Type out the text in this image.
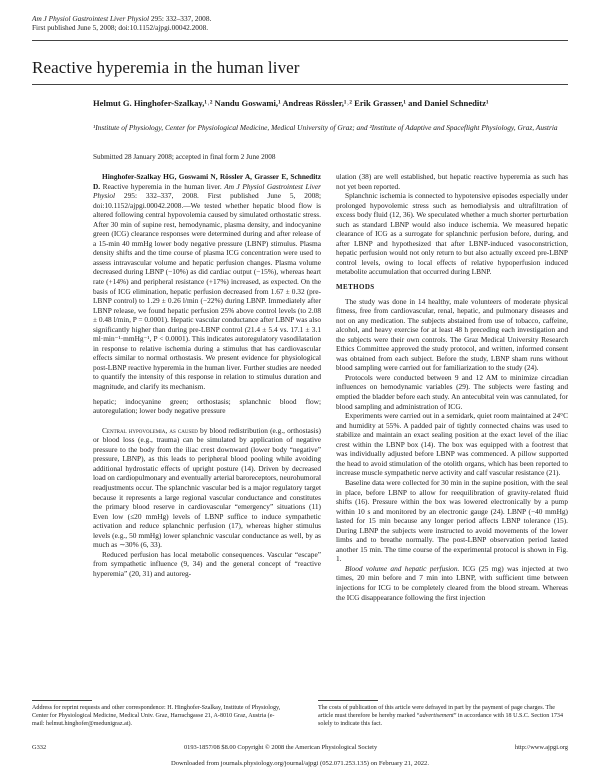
Am J Physiol Gastrointest Liver Physiol 295: 332–337, 2008.
First published June 5, 2008; doi:10.1152/ajpgi.00042.2008.
Reactive hyperemia in the human liver
Helmut G. Hinghofer-Szalkay,¹˒² Nandu Goswami,¹ Andreas Rössler,¹˒² Erik Grasser,¹ and Daniel Schneditz¹
¹Institute of Physiology, Center for Physiological Medicine, Medical University of Graz; and ²Institute of Adaptive and Spaceflight Physiology, Graz, Austria
Submitted 28 January 2008; accepted in final form 2 June 2008

Hinghofer-Szalkay HG, Goswami N, Rössler A, Grasser E, Schneditz D. Reactive hyperemia in the human liver. Am J Physiol Gastrointest Liver Physiol 295: 332–337, 2008. First published June 5, 2008; doi:10.1152/ajpgi.00042.2008.—We tested whether hepatic blood flow is altered following central hypovolemia caused by simulated orthostatic stress. After 30 min of supine rest, hemodynamic, plasma density, and indocyanine green (ICG) clearance responses were determined during and after release of a 15-min 40 mmHg lower body negative pressure (LBNP) stimulus. Plasma density shifts and the time course of plasma ICG concentration were used to assess intravascular volume and hepatic perfusion changes. Plasma volume decreased during LBNP (−10%) as did cardiac output (−15%), whereas heart rate (+14%) and peripheral resistance (+17%) increased, as expected. On the basis of ICG elimination, hepatic perfusion decreased from 1.67 ± 0.32 (pre-LBNP control) to 1.29 ± 0.26 l/min (−22%) during LBNP. Immediately after LBNP release, we found hepatic perfusion 25% above control levels (to 2.08 ± 0.48 l/min, P = 0.0001). Hepatic vascular conductance after LBNP was also significantly higher than during pre-LBNP control (21.4 ± 5.4 vs. 17.1 ± 3.1 ml·min⁻¹·mmHg⁻¹, P < 0.0001). This indicates autoregulatory vasodilatation in response to relative ischemia during a stimulus that has cardiovascular effects similar to normal orthostasis. We present evidence for physiological post-LBNP reactive hyperemia in the human liver. Further studies are needed to quantify the intensity of this response in relation to stimulus duration and magnitude, and clarify its mechanism.

hepatic; indocyanine green; orthostasis; splanchnic blood flow; autoregulation; lower body negative pressure

Central hypovolemia, as caused by blood redistribution (e.g., orthostasis) or blood loss (e.g., trauma) can be simulated by application of negative pressure to the body from the iliac crest downward (lower body “negative” pressure, LBNP), as this leads to peripheral blood pooling while avoiding additional hydrostatic effects of upright posture (14). Driven by decreased load on cardiopulmonary and eventually arterial baroreceptors, neurohumoral readjustments occur. The splanchnic vascular bed is a major regulatory target because it represents a large regional vascular conductance and constitutes the primary blood reserve in cardiovascular “emergency” situations (11) Even low (≤20 mmHg) levels of LBNP suffice to induce sympathetic activation and reduce splanchnic perfusion (17), whereas higher stimulus levels (e.g., 50 mmHg) lower splanchnic vascular conductance as well, by as much as ∼30% (6, 33).

Reduced perfusion has local metabolic consequences. Vascular “escape” from sympathetic influence (9, 34) and the general concept of “reactive hyperemia” (20, 31) and autoreg-

ulation (38) are well established, but hepatic reactive hyperemia as such has not yet been reported.

Splanchnic ischemia is connected to hypotensive episodes especially under prolonged hypovolemic stress such as hemodialysis and ultrafiltration of excess body fluid (12, 36). We speculated whether a much shorter perturbation such as standard LBNP would also induce ischemia. We measured hepatic clearance of ICG as a surrogate for splanchnic perfusion before, during, and after LBNP and hypothesized that after LBNP-induced vasoconstriction, hepatic perfusion would not only return to but also actually exceed pre-LBNP control levels, owing to local effects of relative hypoperfusion induced metabolite accumulation that occurred during LBNP.

METHODS

The study was done in 14 healthy, male volunteers of moderate physical fitness, free from cardiovascular, renal, hepatic, and pulmonary diseases and not on any medication. The subjects abstained from use of tobacco, caffeine, alcohol, and heavy exercise for at least 48 h preceding each investigation and the subjects were their own controls. The Graz Medical University Research Ethics Committee approved the study protocol, and written, informed consent was obtained from each subject. Before the study, LBNP sham runs without blood sampling were carried out for familiarization to the study (24).

Protocols were conducted between 9 and 12 AM to minimize circadian influences on hemodynamic variables (29). The subjects were fasting and emptied the bladder before each study. An antecubital vein was cannulated, for blood sampling and administration of ICG.

Experiments were carried out in a semidark, quiet room maintained at 24°C and humidity at 55%. A padded pair of tightly connected chains was used to stabilize and maintain an exact sealing position at the exact level of the iliac crest within the LBNP box (14). The box was equipped with a footrest that was individually adjusted before LBNP was commenced. A pillow supported the head to avoid stimulation of the otolith organs, which has been reported to increase muscle sympathetic nerve activity and calf vascular resistance (21).

Baseline data were collected for 30 min in the supine position, with the seal in place, before LBNP to allow for reequilibration of gravity-related fluid shifts (16). Pressure within the box was lowered electronically by a pump within 10 s and monitored by an electronic gauge (24). LBNP (−40 mmHg) lasted for 15 min because any longer period affects LBNP tolerance (15). During LBNP the subjects were instructed to avoid movements of the lower limbs and to breathe normally. The post-LBNP observation period lasted another 15 min. The time course of the experimental protocol is shown in Fig. 1.

Blood volume and hepatic perfusion. ICG (25 mg) was injected at two times, 20 min before and 7 min into LBNP, with sufficient time between injections for ICG to be completely cleared from the blood stream. Whereas the ICG disappearance following the first injection

Address for reprint requests and other correspondence: H. Hinghofer-Szalkay, Institute of Physiology, Center for Physiological Medicine, Medical Univ. Graz, Harrachgasse 21, A-8010 Graz, Austria (e-mail: helmut.hinghofer@medunigraz.at).
The costs of publication of this article were defrayed in part by the payment of page charges. The article must therefore be hereby marked “advertisement” in accordance with 18 U.S.C. Section 1734 solely to indicate this fact.
G332	0193-1857/08 $8.00 Copyright © 2008 the American Physiological Society	http://www.ajpgi.org
Downloaded from journals.physiology.org/journal/ajpgi (052.071.253.135) on February 21, 2022.
